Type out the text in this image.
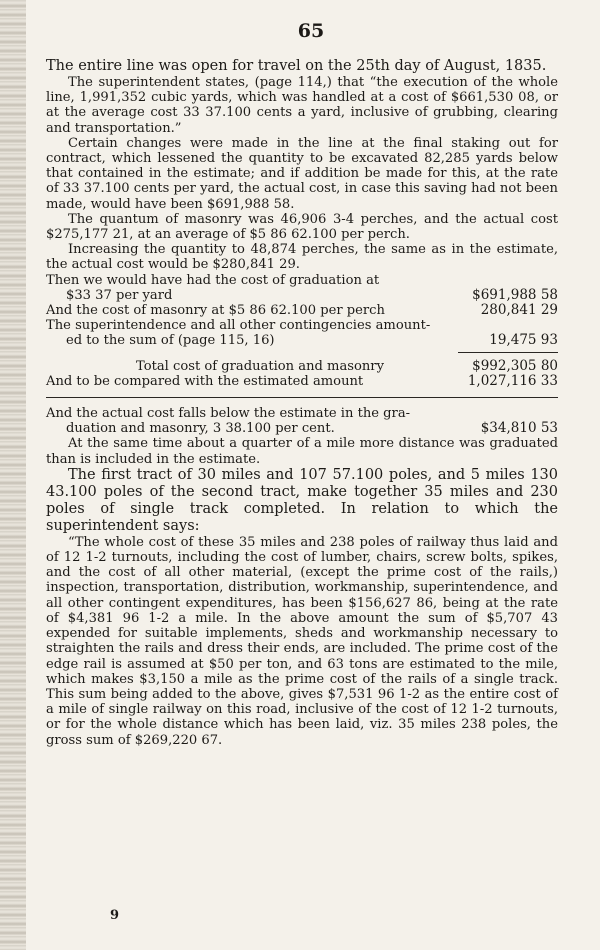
65

The entire line was open for travel on the 25th day of August, 1835.

The superintendent states, (page 114,) that “the execution of the whole line, 1,991,352 cubic yards, which was handled at a cost of $661,530 08, or at the average cost 33 37.100 cents a yard, inclusive of grubbing, clearing and transportation.”

Certain changes were made in the line at the final staking out for contract, which lessened the quantity to be excavated 82,285 yards below that contained in the estimate; and if addition be made for this, at the rate of 33 37.100 cents per yard, the actual cost, in case this saving had not been made, would have been $691,988 58.

The quantum of masonry was 46,906 3-4 perches, and the actual cost $275,177 21, at an average of $5 86 62.100 per perch.

Increasing the quantity to 48,874 perches, the same as in the estimate, the actual cost would be $280,841 29.

Then we would have had the cost of graduation at
$33 37 per yard	$691,988 58
And the cost of masonry at $5 86 62.100 per perch	280,841 29
The superintendence and all other contingencies amount-
ed to the sum of (page 115, 16)	19,475 93
Total cost of graduation and masonry	$992,305 80
And to be compared with the estimated amount	1,027,116 33
And the actual cost falls below the estimate in the gra-
duation and masonry, 3 38.100 per cent.	$34,810 53

At the same time about a quarter of a mile more distance was graduated than is included in the estimate.

The first tract of 30 miles and 107 57.100 poles, and 5 miles 130 43.100 poles of the second tract, make together 35 miles and 230 poles of single track completed. In relation to which the superintendent says:

“The whole cost of these 35 miles and 238 poles of railway thus laid and of 12 1-2 turnouts, including the cost of lumber, chairs, screw bolts, spikes, and the cost of all other material, (except the prime cost of the rails,) inspection, transportation, distribution, workmanship, superintendence, and all other contingent expenditures, has been $156,627 86, being at the rate of $4,381 96 1-2 a mile. In the above amount the sum of $5,707 43 expended for suitable implements, sheds and workmanship necessary to straighten the rails and dress their ends, are included. The prime cost of the edge rail is assumed at $50 per ton, and 63 tons are estimated to the mile, which makes $3,150 a mile as the prime cost of the rails of a single track. This sum being added to the above, gives $7,531 96 1-2 as the entire cost of a mile of single railway on this road, inclusive of the cost of 12 1-2 turnouts, or for the whole distance which has been laid, viz. 35 miles 238 poles, the gross sum of $269,220 67.

9
